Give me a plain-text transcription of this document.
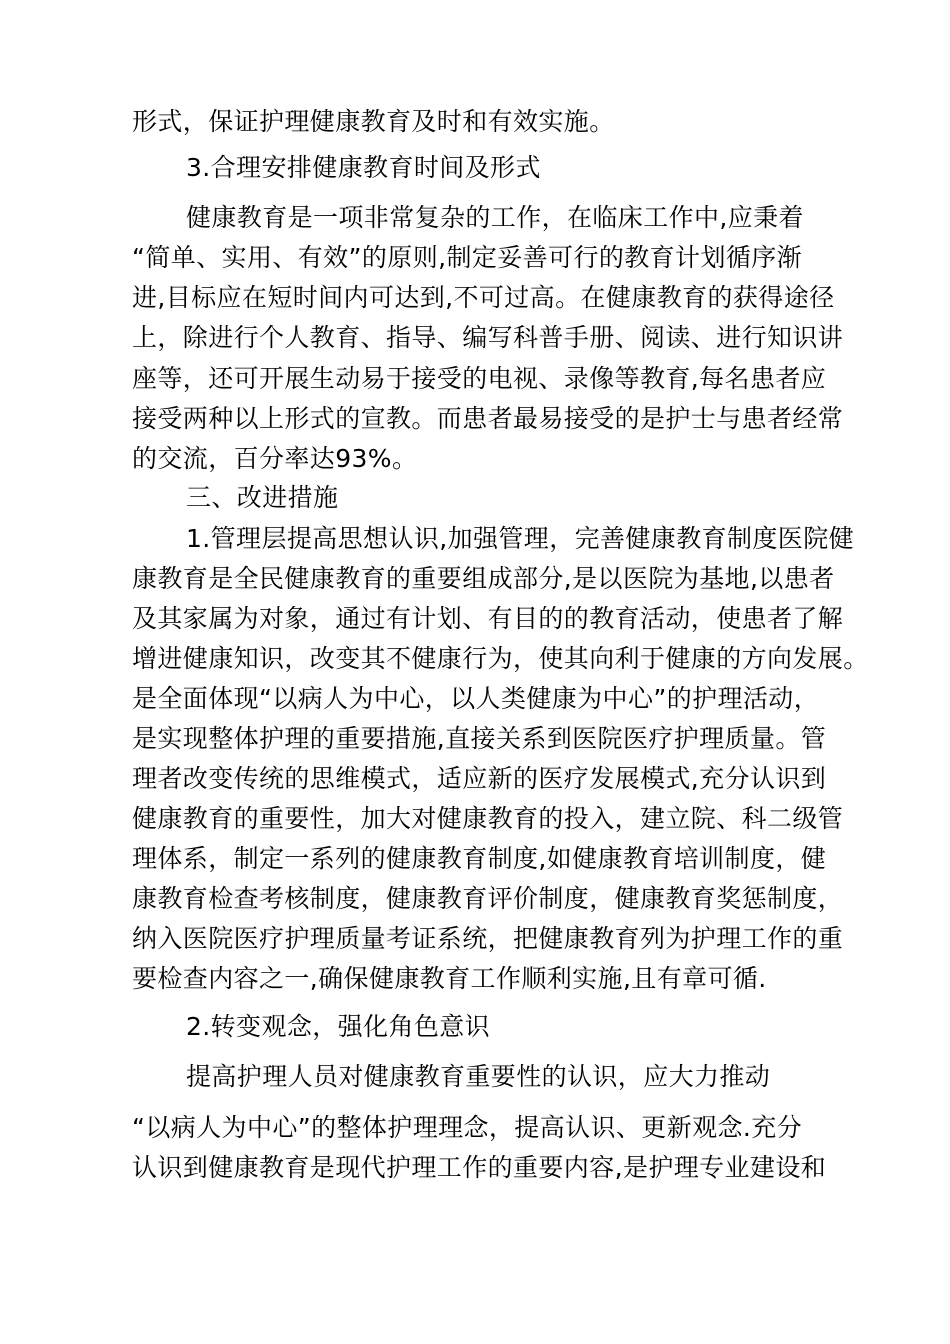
形式，保证护理健康教育及时和有效实施。
3.合理安排健康教育时间及形式
健康教育是一项非常复杂的工作，在临床工作中,应秉着
“简单、实用、有效”的原则,制定妥善可行的教育计划循序渐
进,目标应在短时间内可达到,不可过高。在健康教育的获得途径
上，除进行个人教育、指导、编写科普手册、阅读、进行知识讲
座等，还可开展生动易于接受的电视、录像等教育,每名患者应
接受两种以上形式的宣教。而患者最易接受的是护士与患者经常
的交流，百分率达93%。
三、改进措施
1.管理层提高思想认识,加强管理，完善健康教育制度医院健
康教育是全民健康教育的重要组成部分,是以医院为基地,以患者
及其家属为对象，通过有计划、有目的的教育活动，使患者了解
增进健康知识，改变其不健康行为，使其向利于健康的方向发展。
是全面体现“以病人为中心，以人类健康为中心”的护理活动，
是实现整体护理的重要措施,直接关系到医院医疗护理质量。管
理者改变传统的思维模式，适应新的医疗发展模式,充分认识到
健康教育的重要性，加大对健康教育的投入，建立院、科二级管
理体系，制定一系列的健康教育制度,如健康教育培训制度，健
康教育检查考核制度，健康教育评价制度，健康教育奖惩制度，
纳入医院医疗护理质量考证系统，把健康教育列为护理工作的重
要检查内容之一,确保健康教育工作顺利实施,且有章可循.
2.转变观念，强化角色意识
提高护理人员对健康教育重要性的认识，应大力推动
“以病人为中心”的整体护理理念，提高认识、更新观念.充分
认识到健康教育是现代护理工作的重要内容,是护理专业建设和
